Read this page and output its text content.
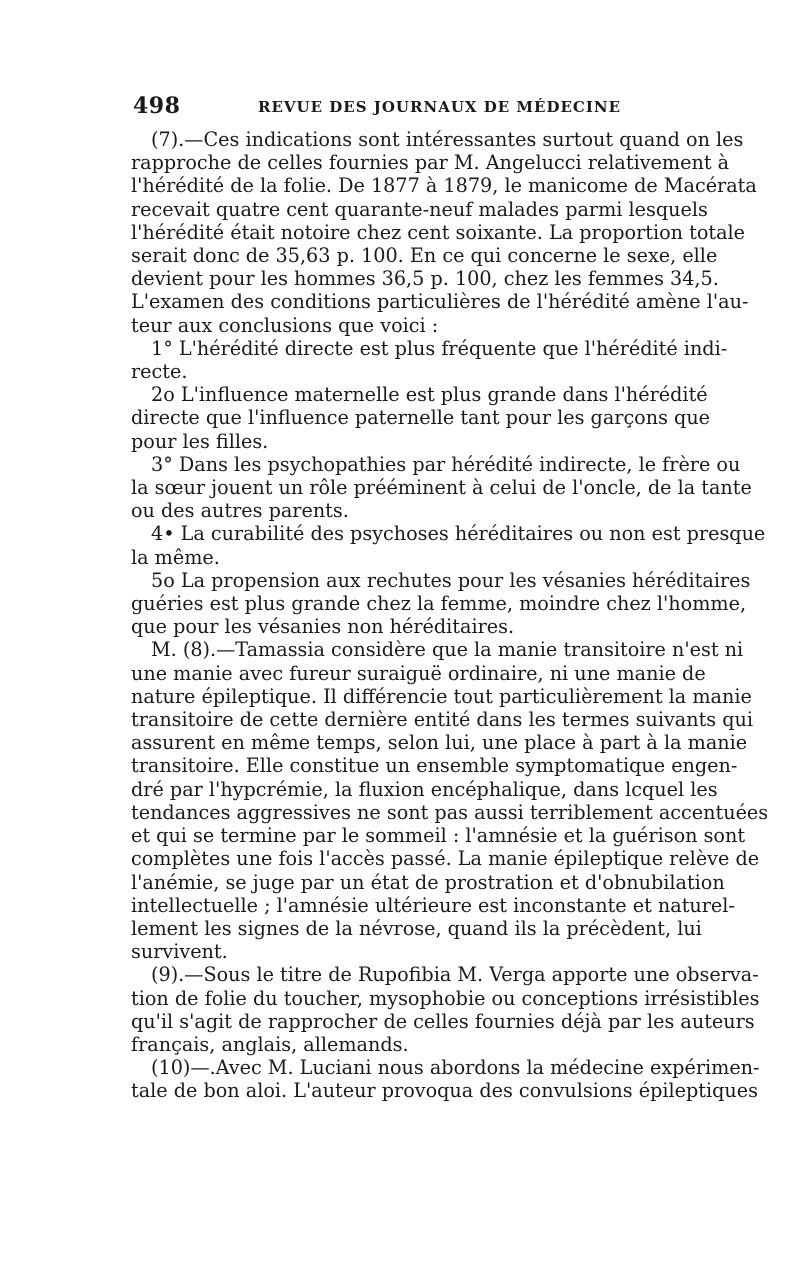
498	REVUE DES JOURNAUX DE MÉDECINE
(7).—Ces indications sont intéressantes surtout quand on les
rapproche de celles fournies par M. Angelucci relativement à
l'hérédité de la folie. De 1877 à 1879, le manicome de Macérata
recevait quatre cent quarante-neuf malades parmi lesquels
l'hérédité était notoire chez cent soixante. La proportion totale
serait donc de 35,63 p. 100. En ce qui concerne le sexe, elle
devient pour les hommes 36,5 p. 100, chez les femmes 34,5.
L'examen des conditions particulières de l'hérédité amène l'au-
teur aux conclusions que voici :
1° L'hérédité directe est plus fréquente que l'hérédité indi-
recte.
2o L'influence maternelle est plus grande dans l'hérédité
directe que l'influence paternelle tant pour les garçons que
pour les filles.
3° Dans les psychopathies par hérédité indirecte, le frère ou
la sœur jouent un rôle prééminent à celui de l'oncle, de la tante
ou des autres parents.
4• La curabilité des psychoses héréditaires ou non est presque
la même.
5o La propension aux rechutes pour les vésanies héréditaires
guéries est plus grande chez la femme, moindre chez l'homme,
que pour les vésanies non héréditaires.
M. (8).—Tamassia considère que la manie transitoire n'est ni
une manie avec fureur suraiguë ordinaire, ni une manie de
nature épileptique. Il différencie tout particulièrement la manie
transitoire de cette dernière entité dans les termes suivants qui
assurent en même temps, selon lui, une place à part à la manie
transitoire. Elle constitue un ensemble symptomatique engen-
dré par l'hypcrémie, la fluxion encéphalique, dans lcquel les
tendances aggressives ne sont pas aussi terriblement accentuées
et qui se termine par le sommeil : l'amnésie et la guérison sont
complètes une fois l'accès passé. La manie épileptique relève de
l'anémie, se juge par un état de prostration et d'obnubilation
intellectuelle ; l'amnésie ultérieure est inconstante et naturel-
lement les signes de la névrose, quand ils la précèdent, lui
survivent.
(9).—Sous le titre de Rupofibia M. Verga apporte une observa-
tion de folie du toucher, mysophobie ou conceptions irrésistibles
qu'il s'agit de rapprocher de celles fournies déjà par les auteurs
français, anglais, allemands.
(10)—.Avec M. Luciani nous abordons la médecine expérimen-
tale de bon aloi. L'auteur provoqua des convulsions épileptiques
